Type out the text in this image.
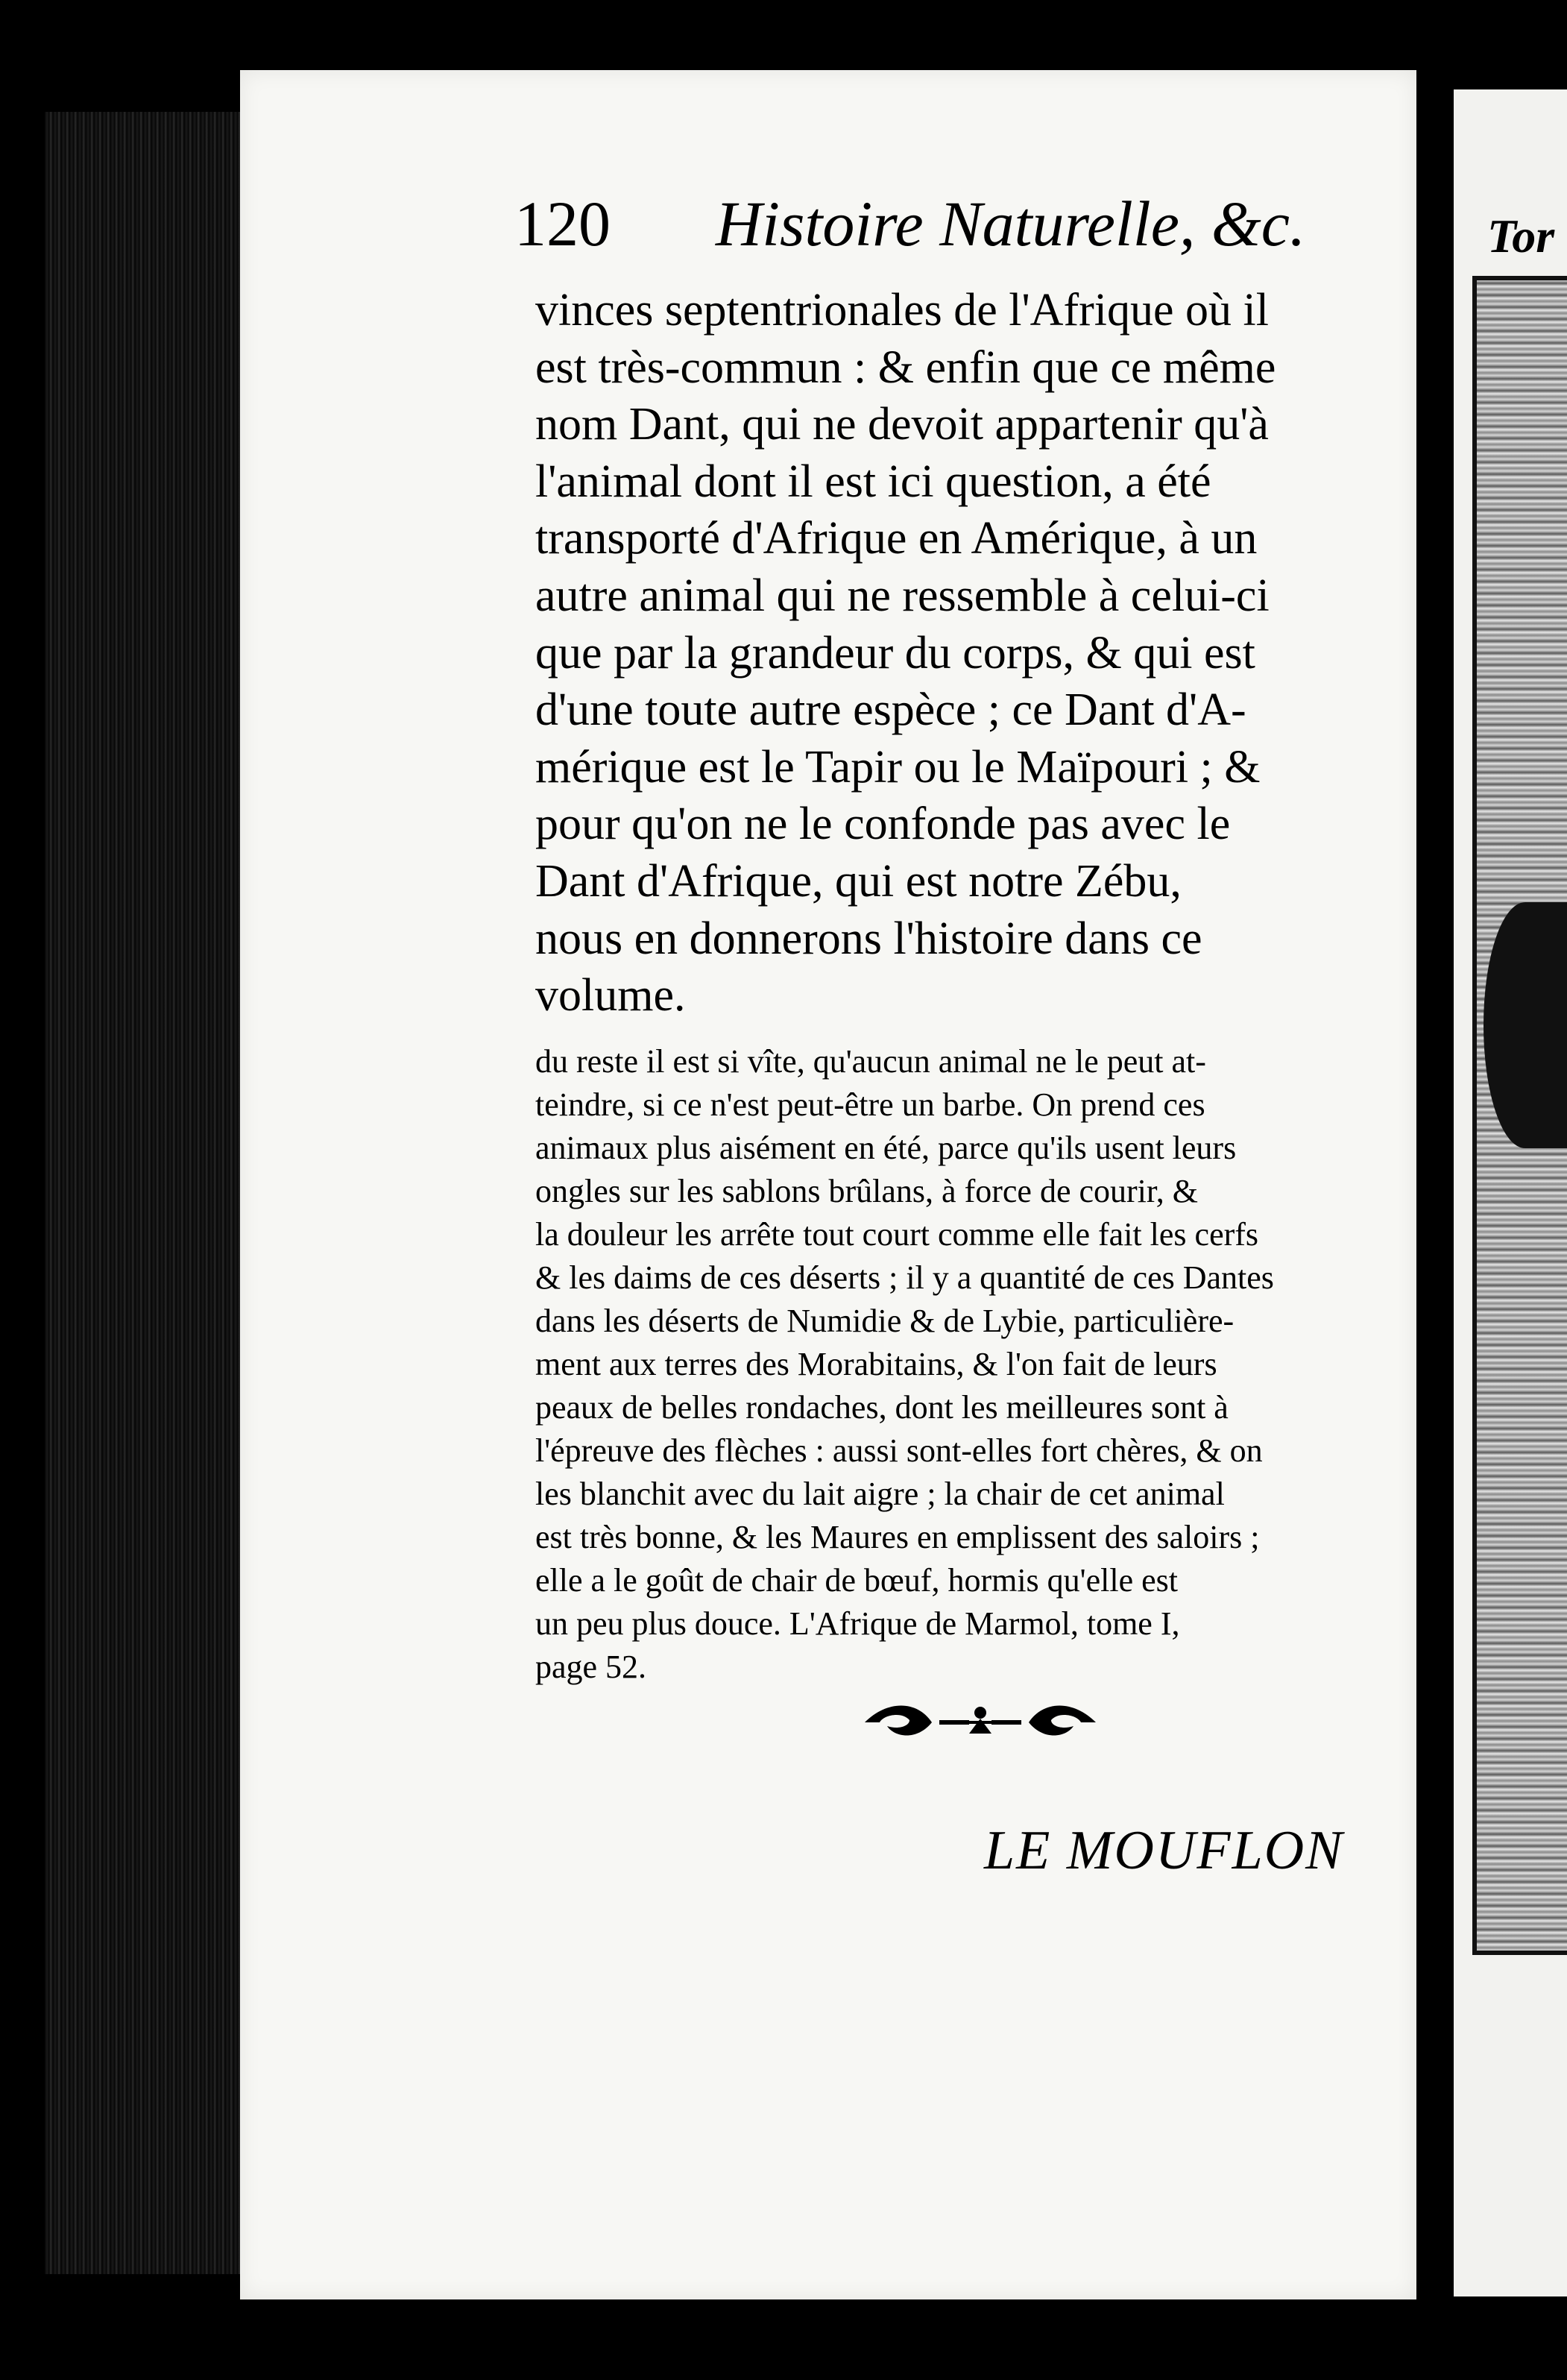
Tor
120 Histoire Naturelle, &c.
vinces septentrionales de l'Afrique où il
est très-commun : & enfin que ce même
nom Dant, qui ne devoit appartenir qu'à
l'animal dont il est ici question, a été
transporté d'Afrique en Amérique, à un
autre animal qui ne ressemble à celui-ci
que par la grandeur du corps, & qui est
d'une toute autre espèce ; ce Dant d'A-
mérique est le Tapir ou le Maïpouri ; &
pour qu'on ne le confonde pas avec le
Dant d'Afrique, qui est notre Zébu,
nous en donnerons l'histoire dans ce
volume.
du reste il est si vîte, qu'aucun animal ne le peut at-
teindre, si ce n'est peut-être un barbe. On prend ces
animaux plus aisément en été, parce qu'ils usent leurs
ongles sur les sablons brûlans, à force de courir, &
la douleur les arrête tout court comme elle fait les cerfs
& les daims de ces déserts ; il y a quantité de ces Dantes
dans les déserts de Numidie & de Lybie, particulière-
ment aux terres des Morabitains, & l'on fait de leurs
peaux de belles rondaches, dont les meilleures sont à
l'épreuve des flèches : aussi sont-elles fort chères, & on
les blanchit avec du lait aigre ; la chair de cet animal
est très bonne, & les Maures en emplissent des saloirs ;
elle a le goût de chair de bœuf, hormis qu'elle est
un peu plus douce. L'Afrique de Marmol, tome I,
page 52.
LE MOUFLON
